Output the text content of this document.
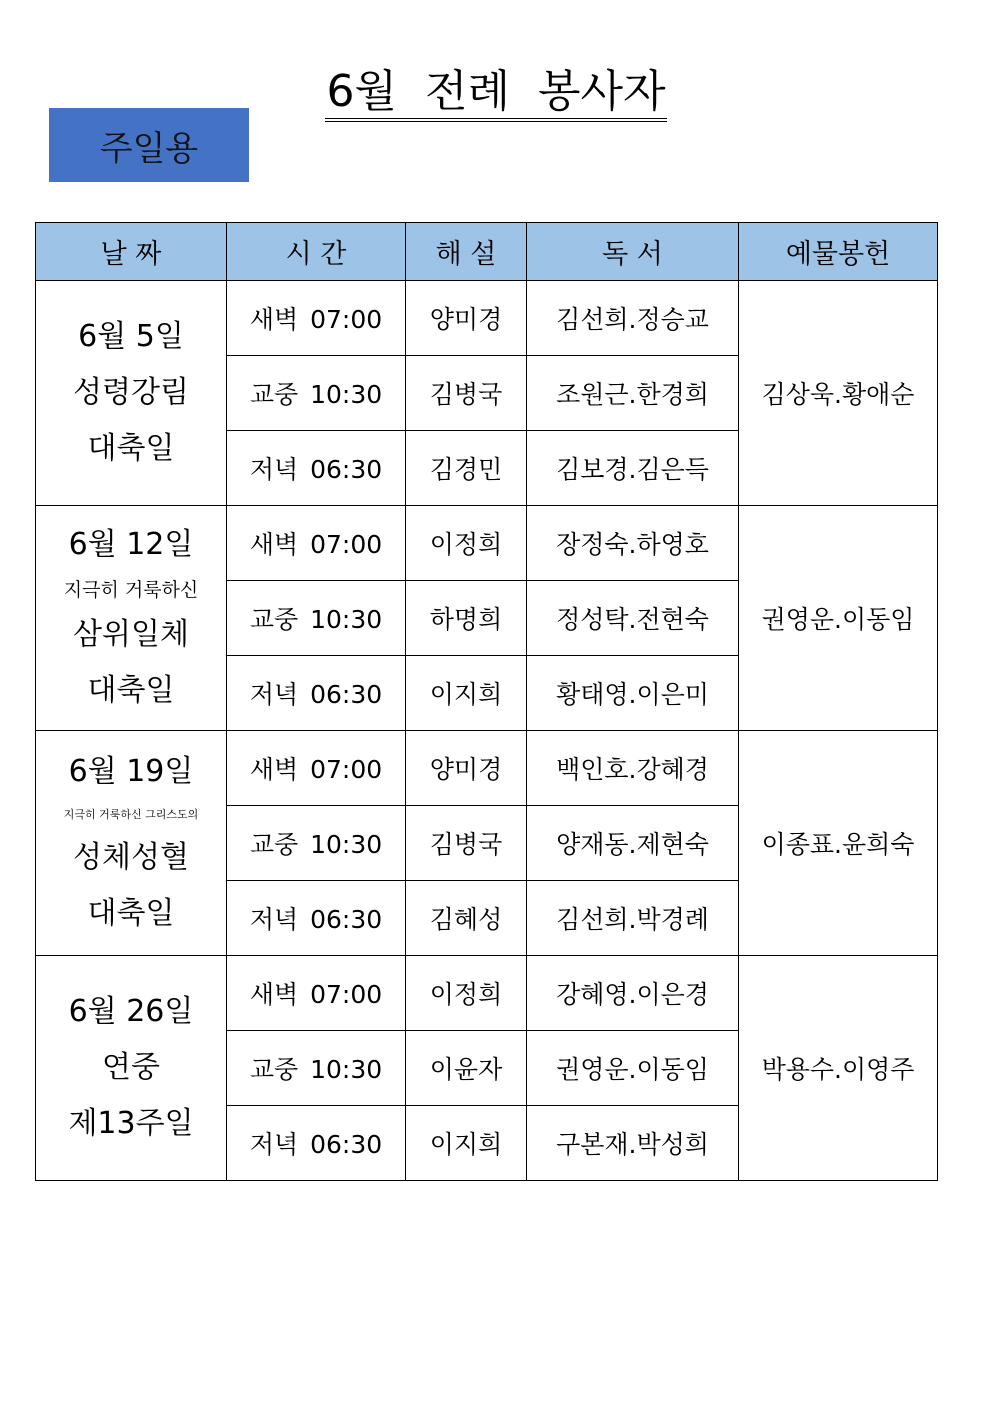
6월  전례  봉사자
주일용
날 짜	시 간	해 설	독 서	예물봉헌

6월 5일
성령강림
대축일	새벽 07:00	양미경	김선희.정승교	김상욱.황애순
	교중 10:30	김병국	조원근.한경희	
	저녁 06:30	김경민	김보경.김은득	

6월 12일
지극히 거룩하신
삼위일체
대축일	새벽 07:00	이정희	장정숙.하영호	권영운.이동임
	교중 10:30	하명희	정성탁.전현숙	
	저녁 06:30	이지희	황태영.이은미	

6월 19일
지극히 거룩하신 그리스도의
성체성혈
대축일	새벽 07:00	양미경	백인호.강혜경	이종표.윤희숙
	교중 10:30	김병국	양재동.제현숙	
	저녁 06:30	김혜성	김선희.박경례	

6월 26일
연중
제13주일	새벽 07:00	이정희	강혜영.이은경	박용수.이영주
	교중 10:30	이윤자	권영운.이동임	
	저녁 06:30	이지희	구본재.박성희	
